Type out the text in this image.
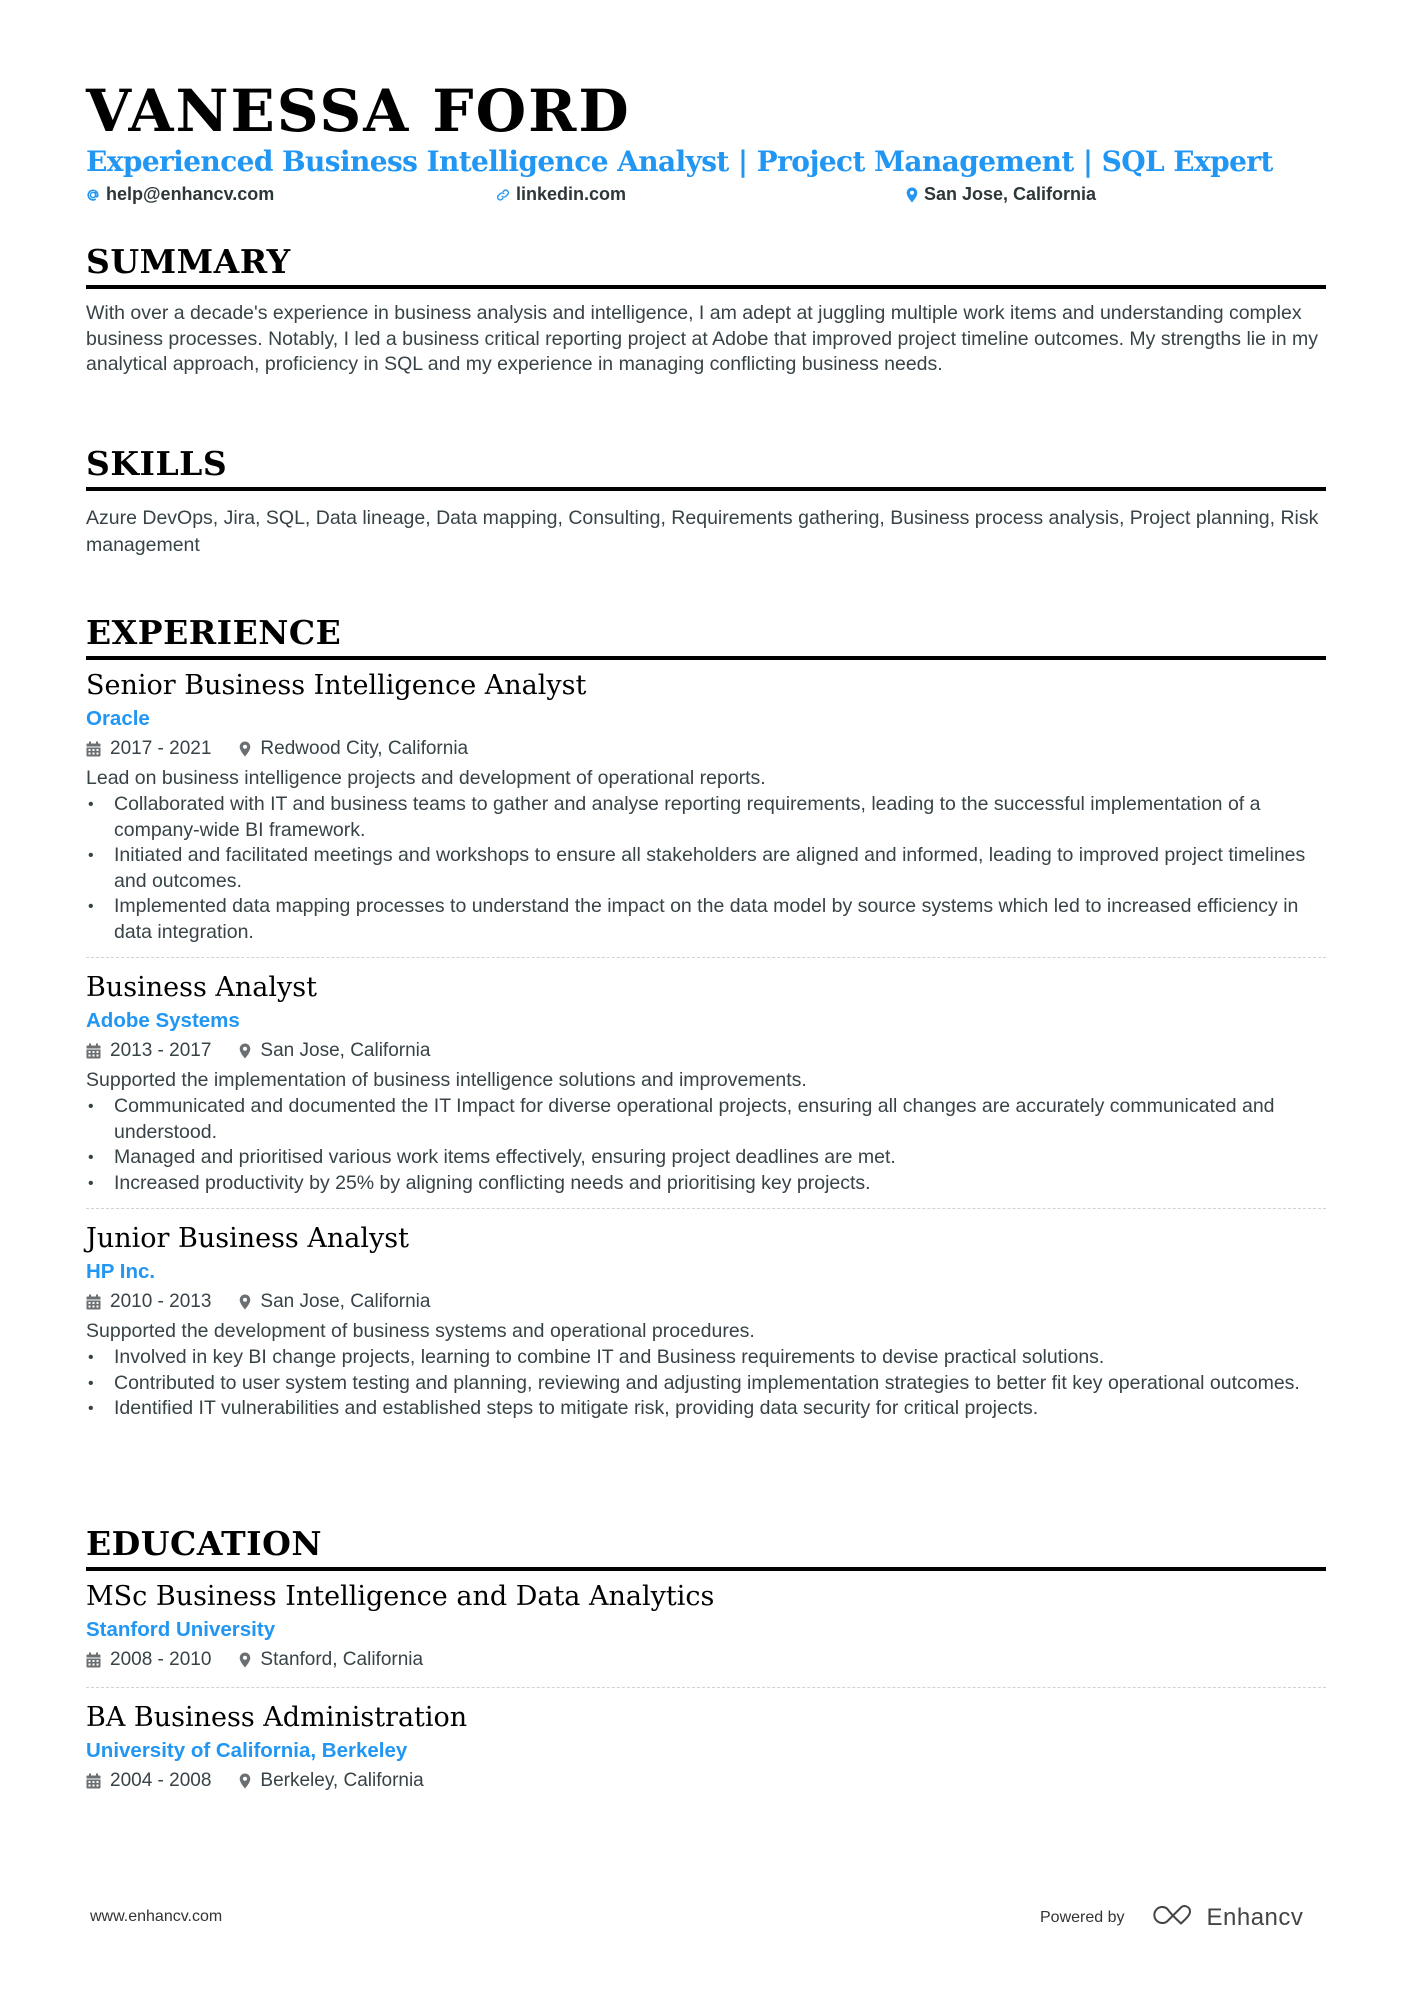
VANESSA FORD
Experienced Business Intelligence Analyst | Project Management | SQL Expert
help@enhancv.com	linkedin.com	San Jose, California
SUMMARY
With over a decade's experience in business analysis and intelligence, I am adept at juggling multiple work items and understanding complex business processes. Notably, I led a business critical reporting project at Adobe that improved project timeline outcomes. My strengths lie in my analytical approach, proficiency in SQL and my experience in managing conflicting business needs.
SKILLS
Azure DevOps, Jira, SQL, Data lineage, Data mapping, Consulting, Requirements gathering, Business process analysis, Project planning, Risk management
EXPERIENCE
Senior Business Intelligence Analyst
Oracle
2017 - 2021	Redwood City, California
Lead on business intelligence projects and development of operational reports.
• Collaborated with IT and business teams to gather and analyse reporting requirements, leading to the successful implementation of a company-wide BI framework.
• Initiated and facilitated meetings and workshops to ensure all stakeholders are aligned and informed, leading to improved project timelines and outcomes.
• Implemented data mapping processes to understand the impact on the data model by source systems which led to increased efficiency in data integration.
Business Analyst
Adobe Systems
2013 - 2017	San Jose, California
Supported the implementation of business intelligence solutions and improvements.
• Communicated and documented the IT Impact for diverse operational projects, ensuring all changes are accurately communicated and understood.
• Managed and prioritised various work items effectively, ensuring project deadlines are met.
• Increased productivity by 25% by aligning conflicting needs and prioritising key projects.
Junior Business Analyst
HP Inc.
2010 - 2013	San Jose, California
Supported the development of business systems and operational procedures.
• Involved in key BI change projects, learning to combine IT and Business requirements to devise practical solutions.
• Contributed to user system testing and planning, reviewing and adjusting implementation strategies to better fit key operational outcomes.
• Identified IT vulnerabilities and established steps to mitigate risk, providing data security for critical projects.
EDUCATION
MSc Business Intelligence and Data Analytics
Stanford University
2008 - 2010	Stanford, California
BA Business Administration
University of California, Berkeley
2004 - 2008	Berkeley, California
www.enhancv.com	Powered by	Enhancv
